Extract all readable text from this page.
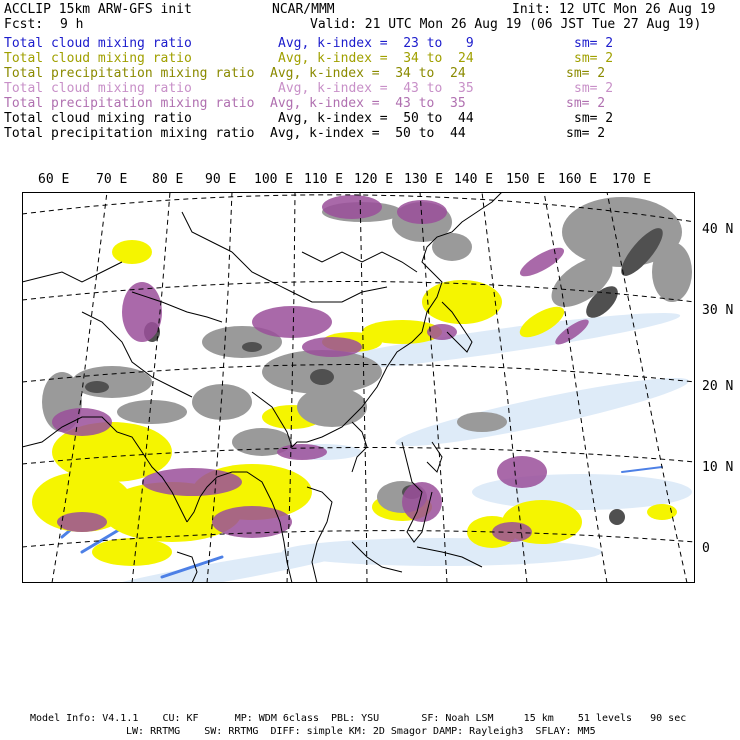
ACCLIP 15km ARW-GFS init	NCAR/MMM	Init: 12 UTC Mon 26 Aug 19
Fcst: 9 h	Valid: 21 UTC Mon 26 Aug 19 (06 JST Tue 27 Aug 19)
Total cloud mixing ratio	Avg, k-index =  23 to   9	sm= 2
Total cloud mixing ratio	Avg, k-index =  34 to  24	sm= 2
Total precipitation mixing ratio Avg, k-index =  34 to  24	sm= 2
Total cloud mixing ratio	Avg, k-index =  43 to  35	sm= 2
Total precipitation mixing ratio Avg, k-index =  43 to  35	sm= 2
Total cloud mixing ratio	Avg, k-index =  50 to  44	sm= 2
Total precipitation mixing ratio Avg, k-index =  50 to  44	sm= 2
60 E 70 E 80 E 90 E 100 E 110 E 120 E 130 E 140 E 150 E 160 E 170 E
40 N
30 N
20 N
10 N
0
Model Info: V4.1.1    CU: KF      MP: WDM 6class  PBL: YSU       SF: Noah LSM     15 km    51 levels   90 sec
LW: RRTMG    SW: RRTMG  DIFF: simple KM: 2D Smagor DAMP: Rayleigh3  SFLAY: MM5
